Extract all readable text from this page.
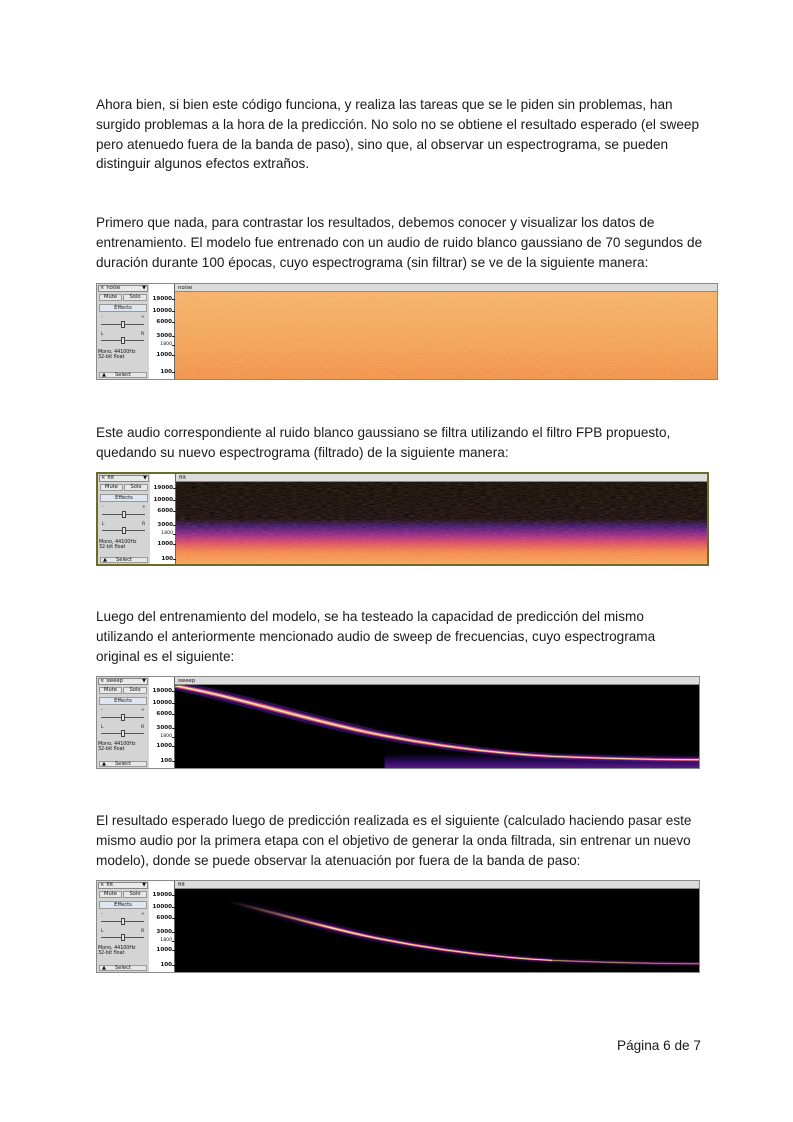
Ahora bien, si bien este código funciona, y realiza las tareas que se le piden sin problemas, han
surgido problemas a la hora de la predicción. No solo no se obtiene el resultado esperado (el sweep
pero atenuedo fuera de la banda de paso), sino que, al observar un espectrograma, se pueden
distinguir algunos efectos extraños.

Primero que nada, para contrastar los resultados, debemos conocer y visualizar los datos de
entrenamiento. El modelo fue entrenado con un audio de ruido blanco gaussiano de 70 segundos de
duración durante 100 épocas, cuyo espectrograma (sin filtrar) se ve de la siguiente manera:

Este audio correspondiente al ruido blanco gaussiano se filtra utilizando el filtro FPB propuesto,
quedando su nuevo espectrograma (filtrado) de la siguiente manera:

Luego del entrenamiento del modelo, se ha testeado la capacidad de predicción del mismo
utilizando el anteriormente mencionado audio de sweep de frecuencias, cuyo espectrograma
original es el siguiente:

El resultado esperado luego de predicción realizada es el siguiente (calculado haciendo pasar este
mismo audio por la primera etapa con el objetivo de generar la onda filtrada, sin entrenar un nuevo
modelo), donde se puede observar la atenuación por fuera de la banda de paso:

× noise	▼
Mute	Solo
Effects
-	+
L	R
Mono, 44100Hz
32-bit float
▲ Select
19000
10000
6000
3000
1800
1000
100
noise
× filt	▼
Mute	Solo
Effects
-	+
L	R
Mono, 44100Hz
32-bit float
▲ Select
19000
10000
6000
3000
1800
1000
100
filt
× sweep	▼
Mute	Solo
Effects
-	+
L	R
Mono, 44100Hz
32-bit float
▲ Select
19000
10000
6000
3000
1800
1000
100
sweep
× filt	▼
Mute	Solo
Effects
-	+
L	R
Mono, 44100Hz
32-bit float
▲ Select
19000
10000
6000
3000
1800
1000
100
filt
Página 6 de 7
